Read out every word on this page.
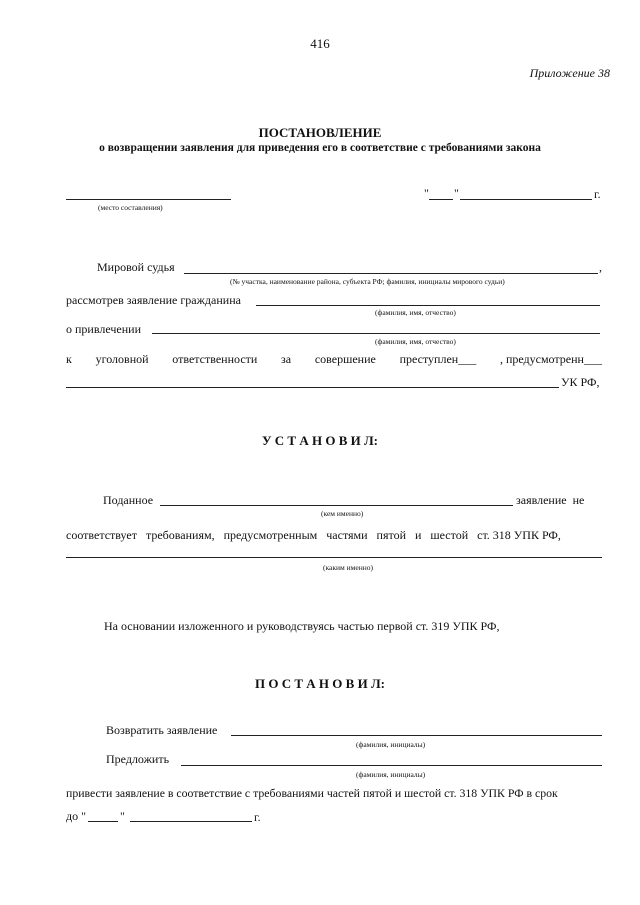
416
Приложение 38
ПОСТАНОВЛЕНИЕ
о возвращении заявления для приведения его в соответствие с требованиями закона
(место составления)
" "	г.
Мировой судья	,
(№ участка, наименование района, субъекта РФ; фамилия, инициалы мирового судьи)
рассмотрев заявление гражданина
(фамилия, имя, отчество)
о привлечении
(фамилия, имя, отчество)
к уголовной ответственности за совершение преступлен___ , предусмотренн___
УК РФ,
У С Т А Н О В И Л:
Поданное	заявление  не
(кем именно)
соответствует   требованиям,   предусмотренным   частями   пятой   и   шестой   ст. 318 УПК РФ,
(каким именно)
На основании изложенного и руководствуясь частью первой ст. 319 УПК РФ,
П О С Т А Н О В И Л:
Возвратить заявление
(фамилия, инициалы)
Предложить
(фамилия, инициалы)
привести заявление в соответствие с требованиями частей пятой и шестой ст. 318 УПК РФ в срок
до "	"	г.
